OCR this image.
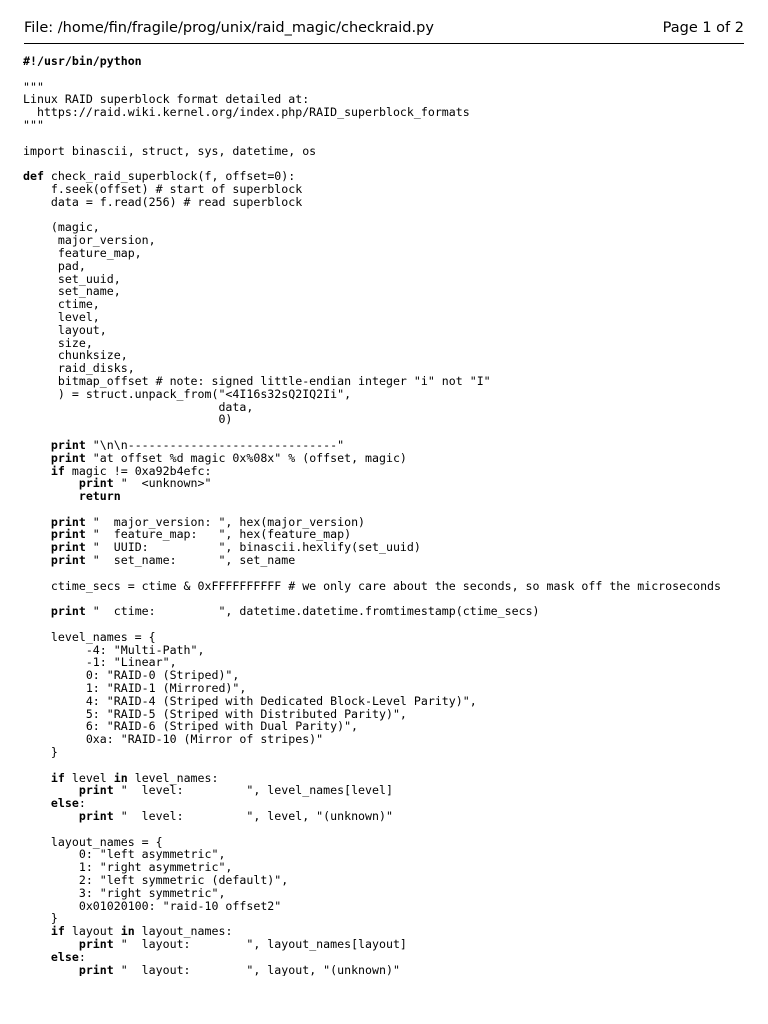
File: /home/fin/fragile/prog/unix/raid_magic/checkraid.py	Page 1 of 2
#!/usr/bin/python

"""
Linux RAID superblock format detailed at:
https://raid.wiki.kernel.org/index.php/RAID_superblock_formats
"""

import binascii, struct, sys, datetime, os

def check_raid_superblock(f, offset=0):
f.seek(offset) # start of superblock
data = f.read(256) # read superblock

(magic,
major_version,
feature_map,
pad,
set_uuid,
set_name,
ctime,
level,
layout,
size,
chunksize,
raid_disks,
bitmap_offset # note: signed little-endian integer "i" not "I"
) = struct.unpack_from("<4I16s32sQ2IQ2Ii",
data,
0)

print "\n\n------------------------------"
print "at offset %d magic 0x%08x" % (offset, magic)
if magic != 0xa92b4efc:
print "  <unknown>"
return

print "  major_version: ", hex(major_version)
print "  feature_map:   ", hex(feature_map)
print "  UUID:          ", binascii.hexlify(set_uuid)
print "  set_name:      ", set_name

ctime_secs = ctime & 0xFFFFFFFFFF # we only care about the seconds, so mask off the microseconds

print "  ctime:         ", datetime.datetime.fromtimestamp(ctime_secs)

level_names = {
-4: "Multi-Path",
-1: "Linear",
0: "RAID-0 (Striped)",
1: "RAID-1 (Mirrored)",
4: "RAID-4 (Striped with Dedicated Block-Level Parity)",
5: "RAID-5 (Striped with Distributed Parity)",
6: "RAID-6 (Striped with Dual Parity)",
0xa: "RAID-10 (Mirror of stripes)"
}

if level in level_names:
print "  level:         ", level_names[level]
else:
print "  level:         ", level, "(unknown)"

layout_names = {
0: "left asymmetric",
1: "right asymmetric",
2: "left symmetric (default)",
3: "right symmetric",
0x01020100: "raid-10 offset2"
}
if layout in layout_names:
print "  layout:        ", layout_names[layout]
else:
print "  layout:        ", layout, "(unknown)"
